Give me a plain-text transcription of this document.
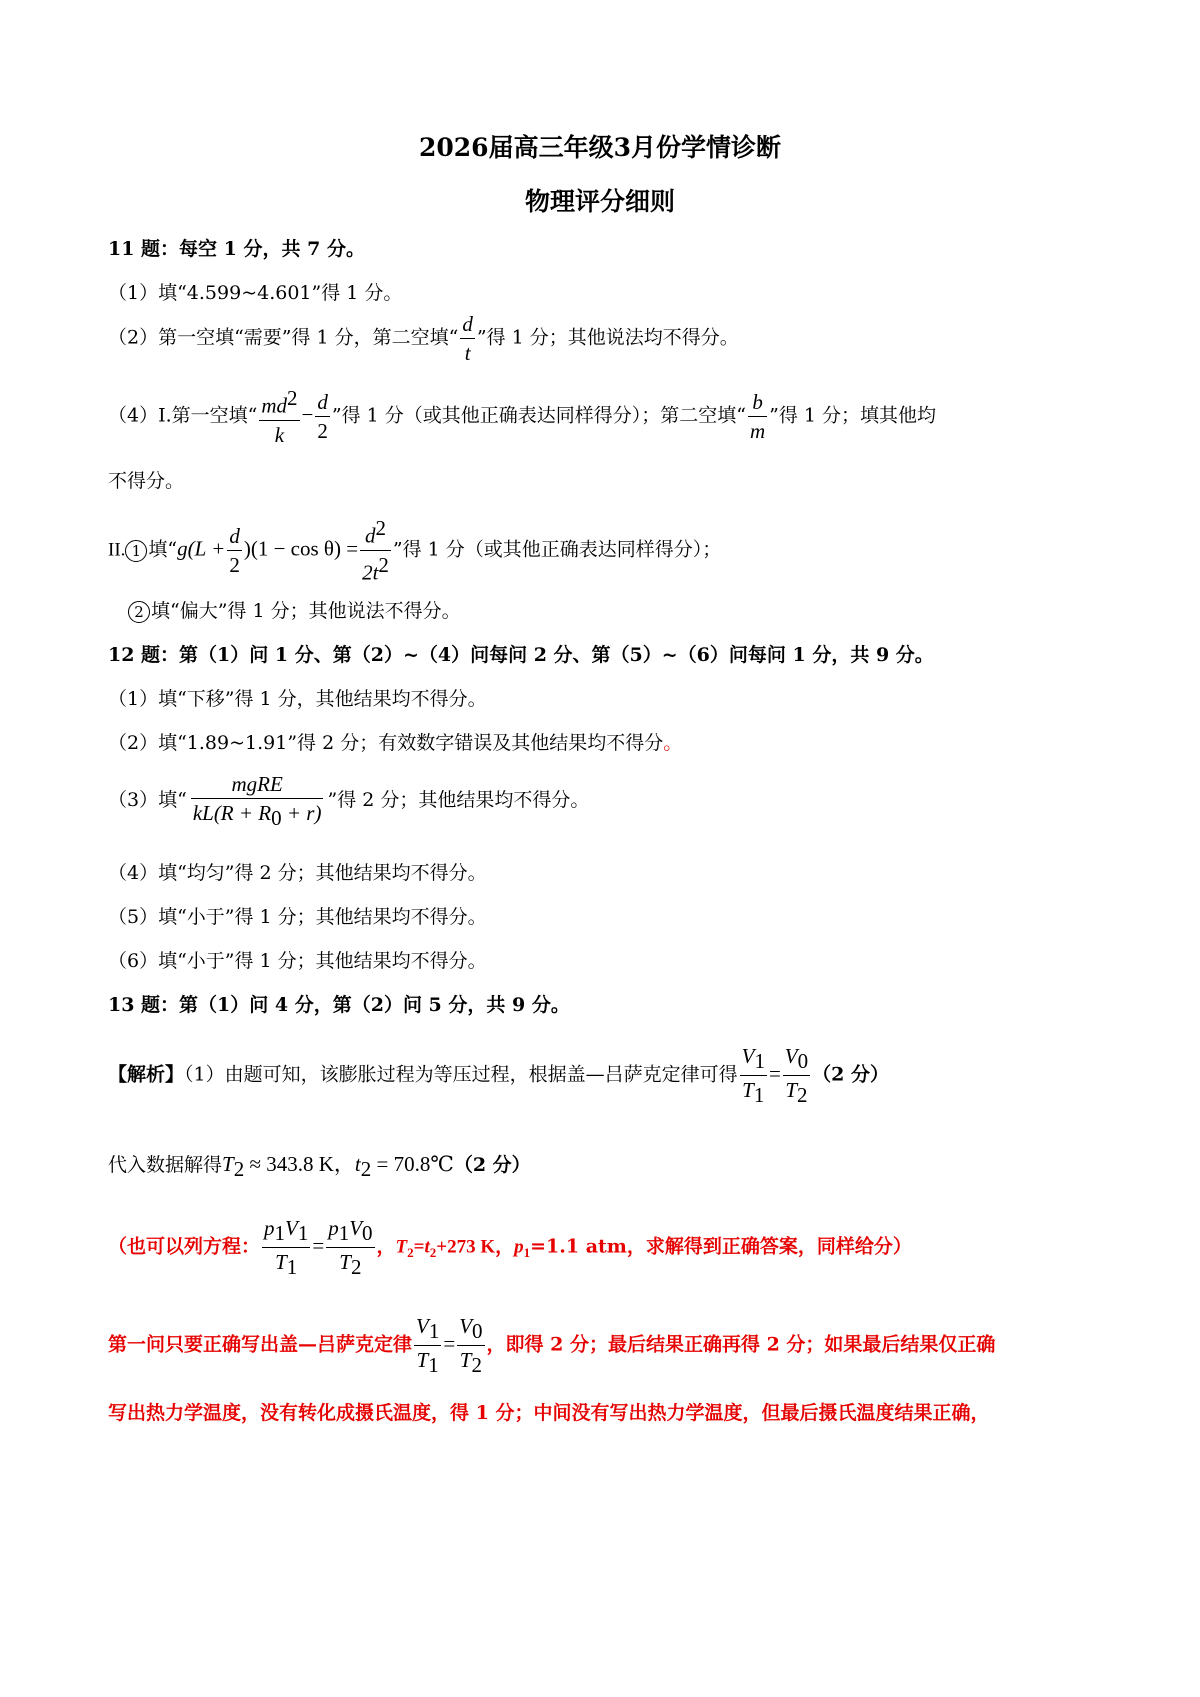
2026届高三年级3月份学情诊断
物理评分细则
11 题：每空 1 分，共 7 分。
（1）填“4.599~4.601”得 1 分。
（2）第一空填“需要”得 1 分，第二空填“ $\frac{d}{t}$ ”得 1 分；其他说法均不得分。
（4）I.第一空填“ $\frac{md^2}{k} - \frac{d}{2}$ ”得 1 分（或其他正确表达同样得分）；第二空填“ $\frac{b}{m}$ ”得 1 分；填其他均
不得分。
II. 1 填“$g(L + \frac{d}{2} )(1 - \cos \theta) = \frac{d^2}{2t^2}$ ”得 1 分（或其他正确表达同样得分）；
2 填“偏大”得 1 分；其他说法不得分。
12 题：第（1）问 1 分、第（2）~（4）问每问 2 分、第（5）~（6）问每问 1 分，共 9 分。
（1）填“下移”得 1 分，其他结果均不得分。
（2）填“1.89~1.91”得 2 分；有效数字错误及其他结果均不得分。
（3）填“ $\frac{\text{mgRE}}{kL(R + R_0 + r)}$ ”得 2 分；其他结果均不得分。
（4）填“均匀”得 2 分；其他结果均不得分。
（5）填“小于”得 1 分；其他结果均不得分。
（6）填“小于”得 1 分；其他结果均不得分。
13 题：第（1）问 4 分，第（2）问 5 分，共 9 分。
【解析】（1）由题可知，该膨胀过程为等压过程，根据盖—吕萨克定律可得 $\frac{V_1}{T_1} = \frac{V_0}{T_2} (2$ 分）
代入数据解得$T_2 \approx 343.8$ K，$t_2$ = 70.8℃（2 分）
（也可以列方程： $\frac{p_1V_1}{T_1} = \frac{p_1V_0}{T_2}$ ，$T_2=t_2+273$ K，$p_1=1.1$ atm，求解得到正确答案，同样给分）
第一问只要正确写出盖—吕萨克定律 $\frac{V_1}{T_1} = \frac{V_0}{T_2}$ ，即得 2 分；最后结果正确再得 2 分；如果最后结果仅正确
写出热力学温度，没有转化成摄氏温度，得 1 分；中间没有写出热力学温度，但最后摄氏温度结果正确，
